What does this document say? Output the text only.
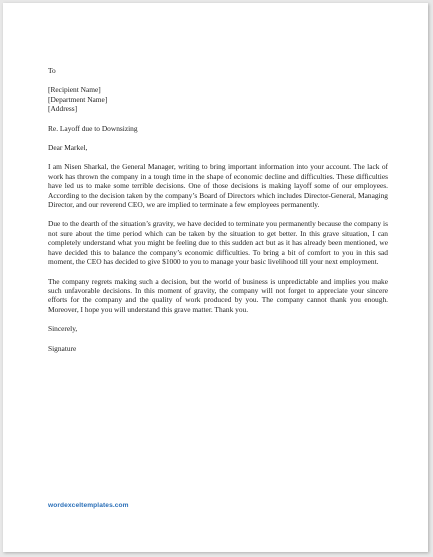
To

[Recipient Name]

[Department Name]

[Address]

Re. Layoff due to Downsizing

Dear Markel,

I am Nisen Sharkal, the General Manager, writing to bring important information into your account. The lack of work has thrown the company in a tough time in the shape of economic decline and difficulties. These difficulties have led us to make some terrible decisions. One of those decisions is making layoff some of our employees. According to the decision taken by the company’s Board of Directors which includes Director-General, Managing Director, and our reverend CEO, we are implied to terminate a few employees permanently.

Due to the dearth of the situation’s gravity, we have decided to terminate you permanently because the company is not sure about the time period which can be taken by the situation to get better. In this grave situation, I can completely understand what you might be feeling due to this sudden act but as it has already been mentioned, we have decided this to balance the company’s economic difficulties. To bring a bit of comfort to you in this sad moment, the CEO has decided to give $1000 to you to manage your basic livelihood till your next employment.

The company regrets making such a decision, but the world of business is unpredictable and implies you make such unfavorable decisions. In this moment of gravity, the company will not forget to appreciate your sincere efforts for the company and the quality of work produced by you. The company cannot thank you enough. Moreover, I hope you will understand this grave matter. Thank you.

Sincerely,

Signature

wordexceltemplates.com
